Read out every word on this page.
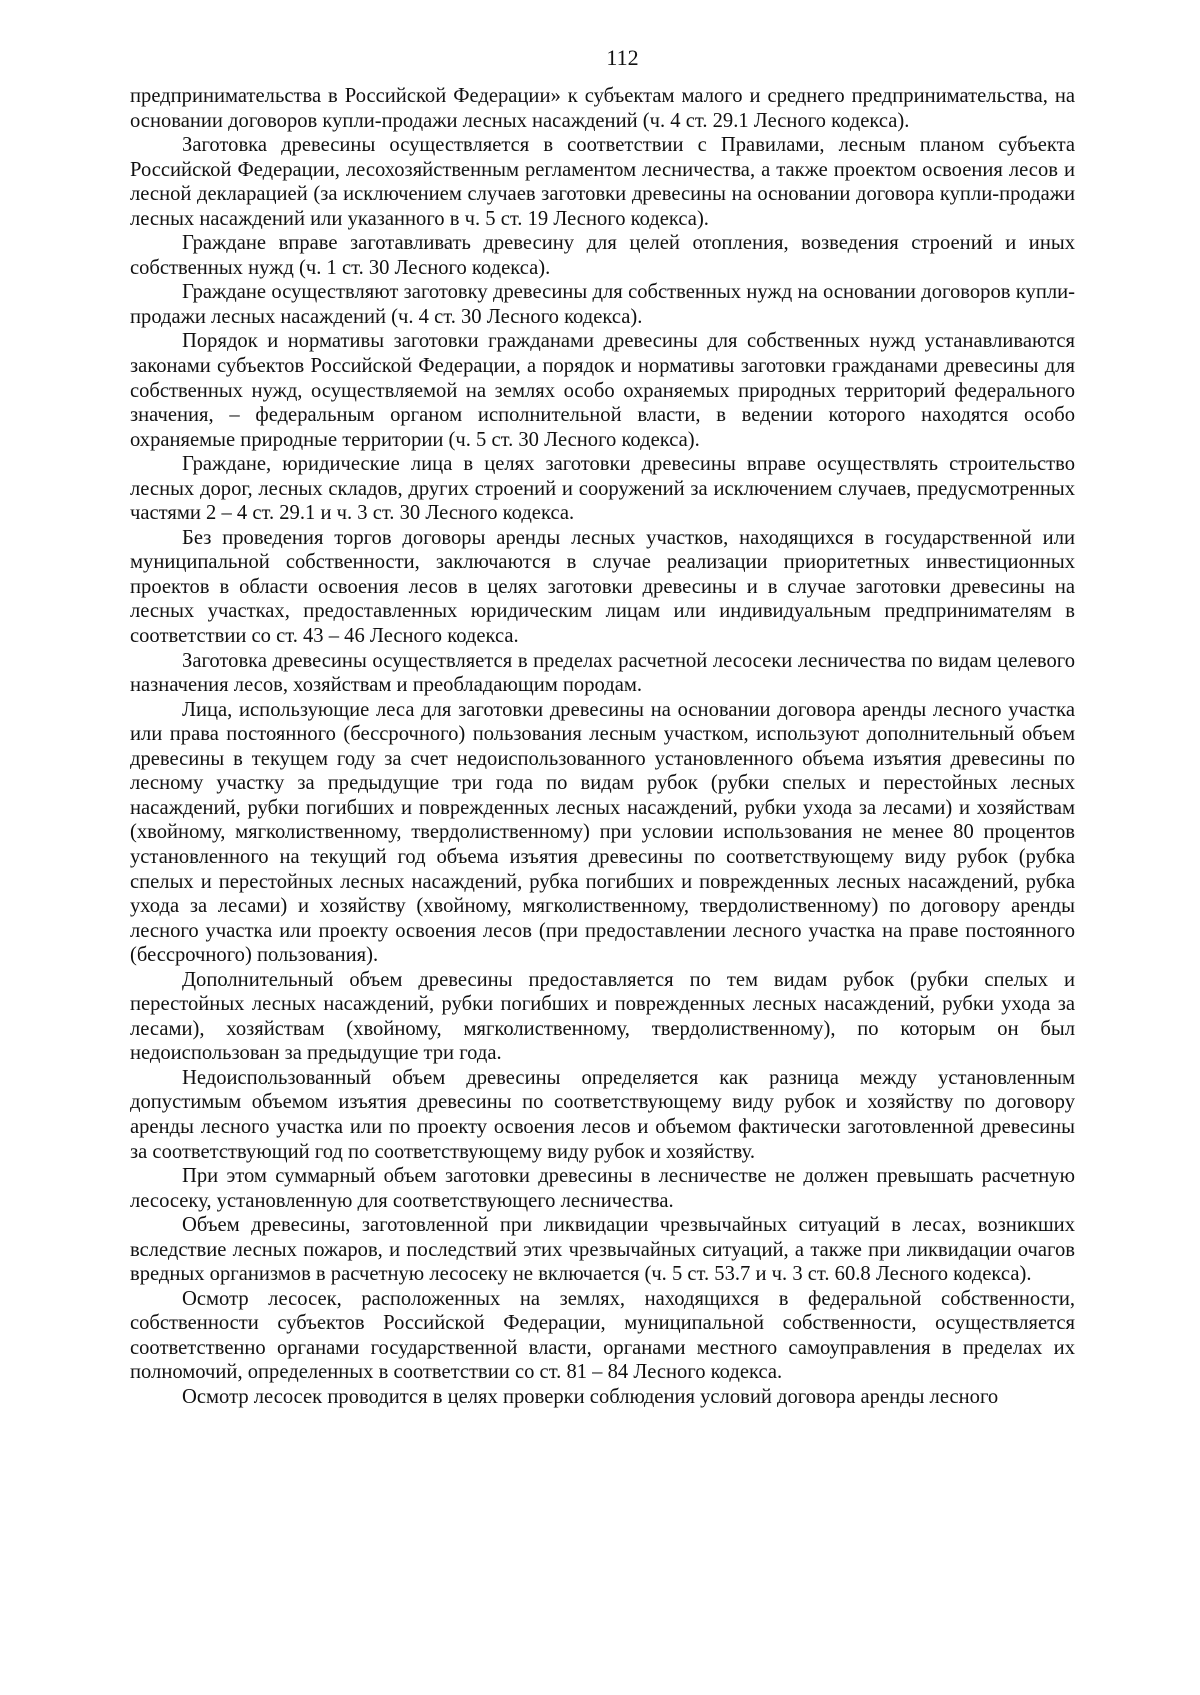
112

предпринимательства в Российской Федерации» к субъектам малого и среднего предпринимательства, на основании договоров купли-продажи лесных насаждений (ч. 4 ст. 29.1 Лесного кодекса).

Заготовка древесины осуществляется в соответствии с Правилами, лесным планом субъекта Российской Федерации, лесохозяйственным регламентом лесничества, а также проектом освоения лесов и лесной декларацией (за исключением случаев заготовки древесины на основании договора купли-продажи лесных насаждений или указанного в ч. 5 ст. 19 Лесного кодекса).

Граждане вправе заготавливать древесину для целей отопления, возведения строений и иных собственных нужд (ч. 1 ст. 30 Лесного кодекса).

Граждане осуществляют заготовку древесины для собственных нужд на основании договоров купли-продажи лесных насаждений (ч. 4 ст. 30 Лесного кодекса).

Порядок и нормативы заготовки гражданами древесины для собственных нужд устанавливаются законами субъектов Российской Федерации, а порядок и нормативы заготовки гражданами древесины для собственных нужд, осуществляемой на землях особо охраняемых природных территорий федерального значения, – федеральным органом исполнительной власти, в ведении которого находятся особо охраняемые природные территории (ч. 5 ст. 30 Лесного кодекса).

Граждане, юридические лица в целях заготовки древесины вправе осуществлять строительство лесных дорог, лесных складов, других строений и сооружений за исключением случаев, предусмотренных частями 2 – 4 ст. 29.1 и ч. 3 ст. 30 Лесного кодекса.

Без проведения торгов договоры аренды лесных участков, находящихся в государственной или муниципальной собственности, заключаются в случае реализации приоритетных инвестиционных проектов в области освоения лесов в целях заготовки древесины и в случае заготовки древесины на лесных участках, предоставленных юридическим лицам или индивидуальным предпринимателям в соответствии со ст. 43 – 46 Лесного кодекса.

Заготовка древесины осуществляется в пределах расчетной лесосеки лесничества по видам целевого назначения лесов, хозяйствам и преобладающим породам.

Лица, использующие леса для заготовки древесины на основании договора аренды лесного участка или права постоянного (бессрочного) пользования лесным участком, используют дополнительный объем древесины в текущем году за счет недоиспользованного установленного объема изъятия древесины по лесному участку за предыдущие три года по видам рубок (рубки спелых и перестойных лесных насаждений, рубки погибших и поврежденных лесных насаждений, рубки ухода за лесами) и хозяйствам (хвойному, мягколиственному, твердолиственному) при условии использования не менее 80 процентов установленного на текущий год объема изъятия древесины по соответствующему виду рубок (рубка спелых и перестойных лесных насаждений, рубка погибших и поврежденных лесных насаждений, рубка ухода за лесами) и хозяйству (хвойному, мягколиственному, твердолиственному) по договору аренды лесного участка или проекту освоения лесов (при предоставлении лесного участка на праве постоянного (бессрочного) пользования).

Дополнительный объем древесины предоставляется по тем видам рубок (рубки спелых и перестойных лесных насаждений, рубки погибших и поврежденных лесных насаждений, рубки ухода за лесами), хозяйствам (хвойному, мягколиственному, твердолиственному), по которым он был недоиспользован за предыдущие три года.

Недоиспользованный объем древесины определяется как разница между установленным допустимым объемом изъятия древесины по соответствующему виду рубок и хозяйству по договору аренды лесного участка или по проекту освоения лесов и объемом фактически заготовленной древесины за соответствующий год по соответствующему виду рубок и хозяйству.

При этом суммарный объем заготовки древесины в лесничестве не должен превышать расчетную лесосеку, установленную для соответствующего лесничества.

Объем древесины, заготовленной при ликвидации чрезвычайных ситуаций в лесах, возникших вследствие лесных пожаров, и последствий этих чрезвычайных ситуаций, а также при ликвидации очагов вредных организмов в расчетную лесосеку не включается (ч. 5 ст. 53.7 и ч. 3 ст. 60.8 Лесного кодекса).

Осмотр лесосек, расположенных на землях, находящихся в федеральной собственности, собственности субъектов Российской Федерации, муниципальной собственности, осуществляется соответственно органами государственной власти, органами местного самоуправления в пределах их полномочий, определенных в соответствии со ст. 81 – 84 Лесного кодекса.

Осмотр лесосек проводится в целях проверки соблюдения условий договора аренды лесного
